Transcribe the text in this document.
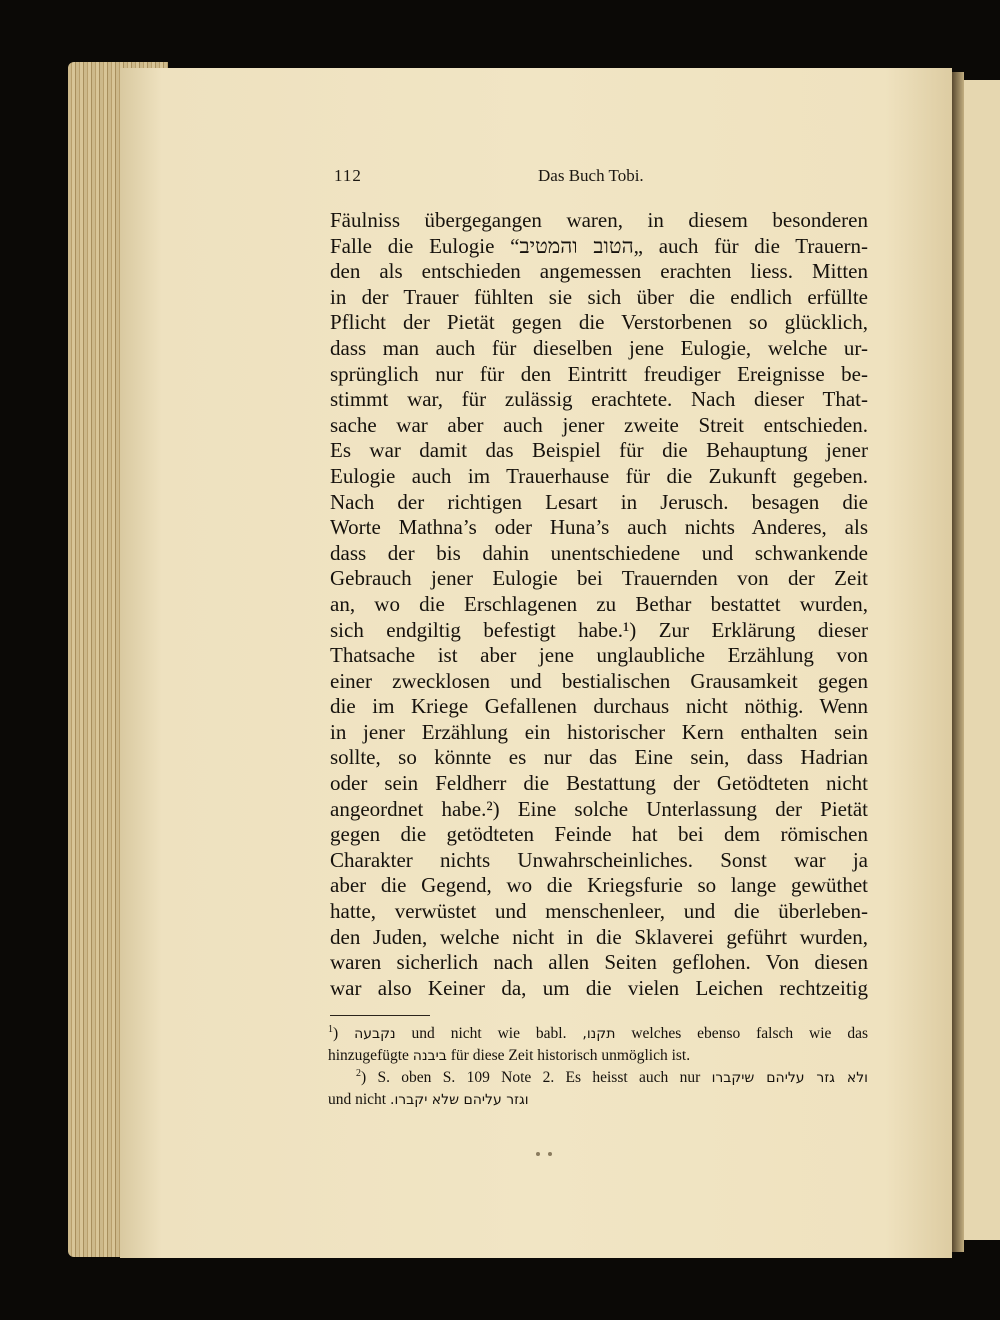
112	Das Buch Tobi.
Fäulniss übergegangen waren, in diesem besonderen
Falle die Eulogie “הטוב והמטיב„ auch für die Trauern-
den als entschieden angemessen erachten liess. Mitten
in der Trauer fühlten sie sich über die endlich erfüllte
Pflicht der Pietät gegen die Verstorbenen so glücklich,
dass man auch für dieselben jene Eulogie, welche ur-
sprünglich nur für den Eintritt freudiger Ereignisse be-
stimmt war, für zulässig erachtete. Nach dieser That-
sache war aber auch jener zweite Streit entschieden.
Es war damit das Beispiel für die Behauptung jener
Eulogie auch im Trauerhause für die Zukunft gegeben.
Nach der richtigen Lesart in Jerusch. besagen die
Worte Mathna’s oder Huna’s auch nichts Anderes, als
dass der bis dahin unentschiedene und schwankende
Gebrauch jener Eulogie bei Trauernden von der Zeit
an, wo die Erschlagenen zu Bethar bestattet wurden,
sich endgiltig befestigt habe.¹) Zur Erklärung dieser
Thatsache ist aber jene unglaubliche Erzählung von
einer zwecklosen und bestialischen Grausamkeit gegen
die im Kriege Gefallenen durchaus nicht nöthig. Wenn
in jener Erzählung ein historischer Kern enthalten sein
sollte, so könnte es nur das Eine sein, dass Hadrian
oder sein Feldherr die Bestattung der Getödteten nicht
angeordnet habe.²) Eine solche Unterlassung der Pietät
gegen die getödteten Feinde hat bei dem römischen
Charakter nichts Unwahrscheinliches. Sonst war ja
aber die Gegend, wo die Kriegsfurie so lange gewüthet
hatte, verwüstet und menschenleer, und die überleben-
den Juden, welche nicht in die Sklaverei geführt wurden,
waren sicherlich nach allen Seiten geflohen. Von diesen
war also Keiner da, um die vielen Leichen rechtzeitig
$^1$) נקבעה und nicht wie babl. תקנו, welches ebenso falsch wie das
hinzugefügte ביבנה für diese Zeit historisch unmöglich ist.
$^2$) S. oben S. 109 Note 2. Es heisst auch nur ולא גזר עליהם שיקברו
und nicht וגזר עליהם שלא יקברו.
